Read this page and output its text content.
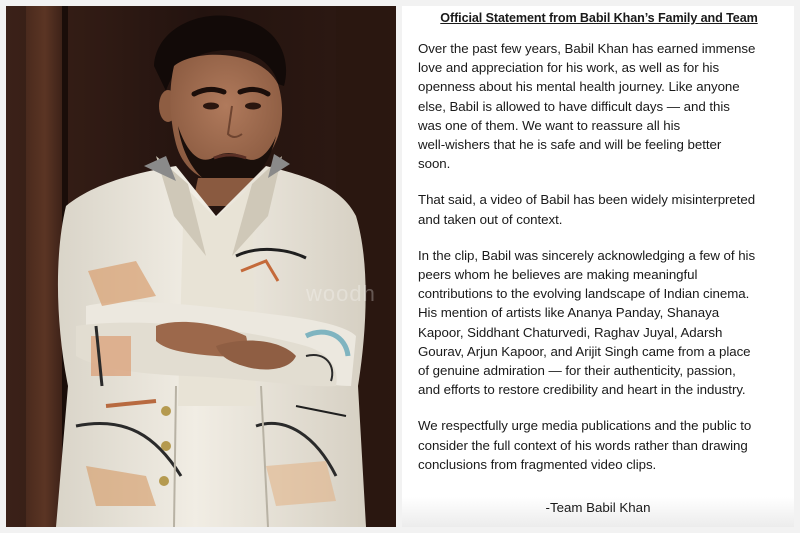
woodh
Official Statement from Babil Khan’s Family and Team
Over the past few years, Babil Khan has earned immense
love and appreciation for his work, as well as for his
openness about his mental health journey. Like anyone
else, Babil is allowed to have difficult days — and this
was one of them. We want to reassure all his
well-wishers that he is safe and will be feeling better
soon.
That said, a video of Babil has been widely misinterpreted
and taken out of context.
In the clip, Babil was sincerely acknowledging a few of his
peers whom he believes are making meaningful
contributions to the evolving landscape of Indian cinema.
His mention of artists like Ananya Panday, Shanaya
Kapoor, Siddhant Chaturvedi, Raghav Juyal, Adarsh
Gourav, Arjun Kapoor, and Arijit Singh came from a place
of genuine admiration — for their authenticity, passion,
and efforts to restore credibility and heart in the industry.
We respectfully urge media publications and the public to
consider the full context of his words rather than drawing
conclusions from fragmented video clips.
-Team Babil Khan
